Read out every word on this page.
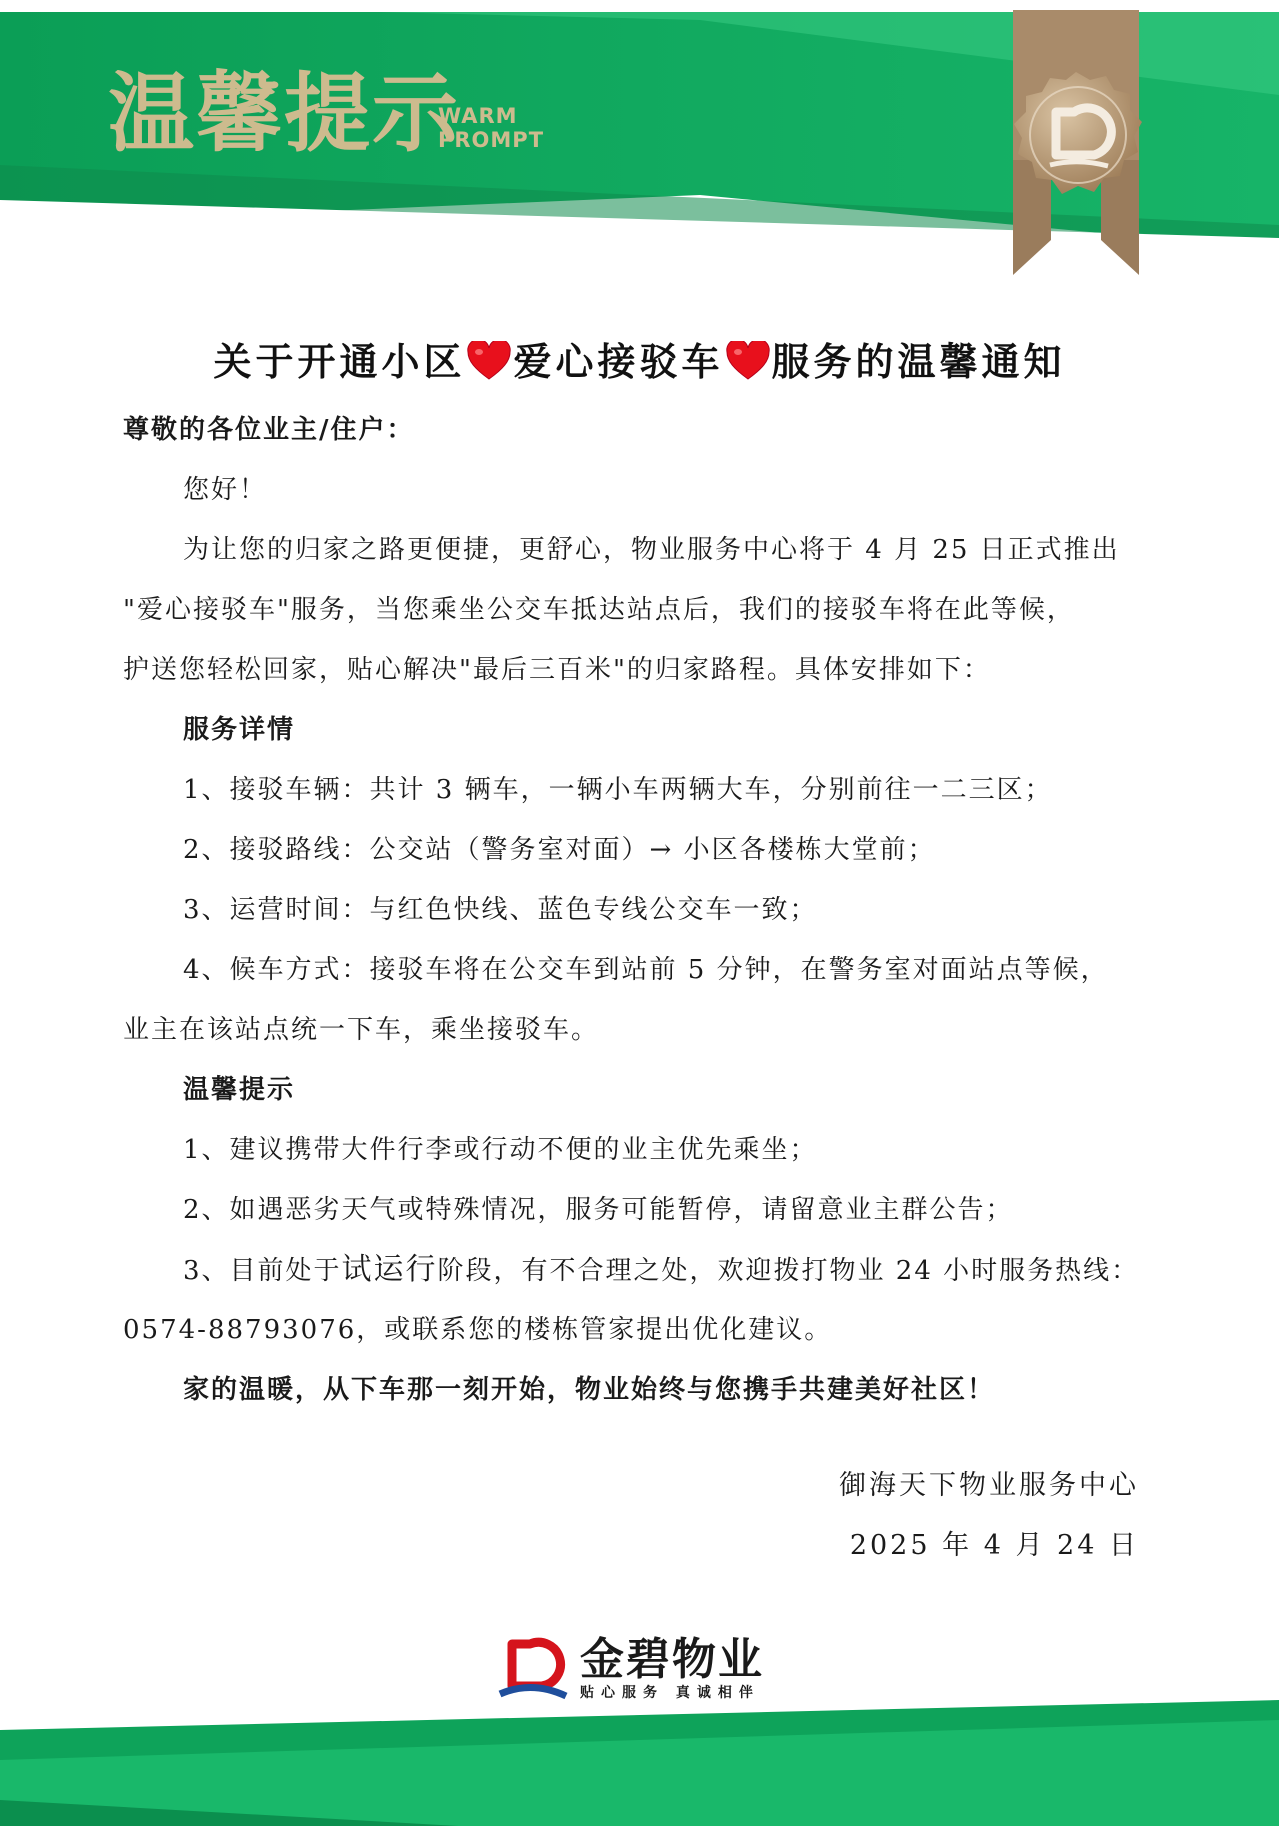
温馨提示
WARM
PROMPT
关于开通小区 爱心接驳车 服务的温馨通知

尊敬的各位业主/住户：

您好！

为让您的归家之路更便捷，更舒心，物业服务中心将于 4 月 25 日正式推出

"爱心接驳车"服务，当您乘坐公交车抵达站点后，我们的接驳车将在此等候，

护送您轻松回家，贴心解决"最后三百米"的归家路程。具体安排如下：

服务详情

1、接驳车辆：共计 3 辆车，一辆小车两辆大车，分别前往一二三区；

2、接驳路线：公交站（警务室对面）→ 小区各楼栋大堂前；

3、运营时间：与红色快线、蓝色专线公交车一致；

4、候车方式：接驳车将在公交车到站前 5 分钟，在警务室对面站点等候，

业主在该站点统一下车，乘坐接驳车。

温馨提示

1、建议携带大件行李或行动不便的业主优先乘坐；

2、如遇恶劣天气或特殊情况，服务可能暂停，请留意业主群公告；

3、目前处于试运行阶段，有不合理之处，欢迎拨打物业 24 小时服务热线：

0574-88793076，或联系您的楼栋管家提出优化建议。

家的温暖，从下车那一刻开始，物业始终与您携手共建美好社区！

御海天下物业服务中心

2025 年 4 月 24 日

金碧物业
贴心服务 真诚相伴
